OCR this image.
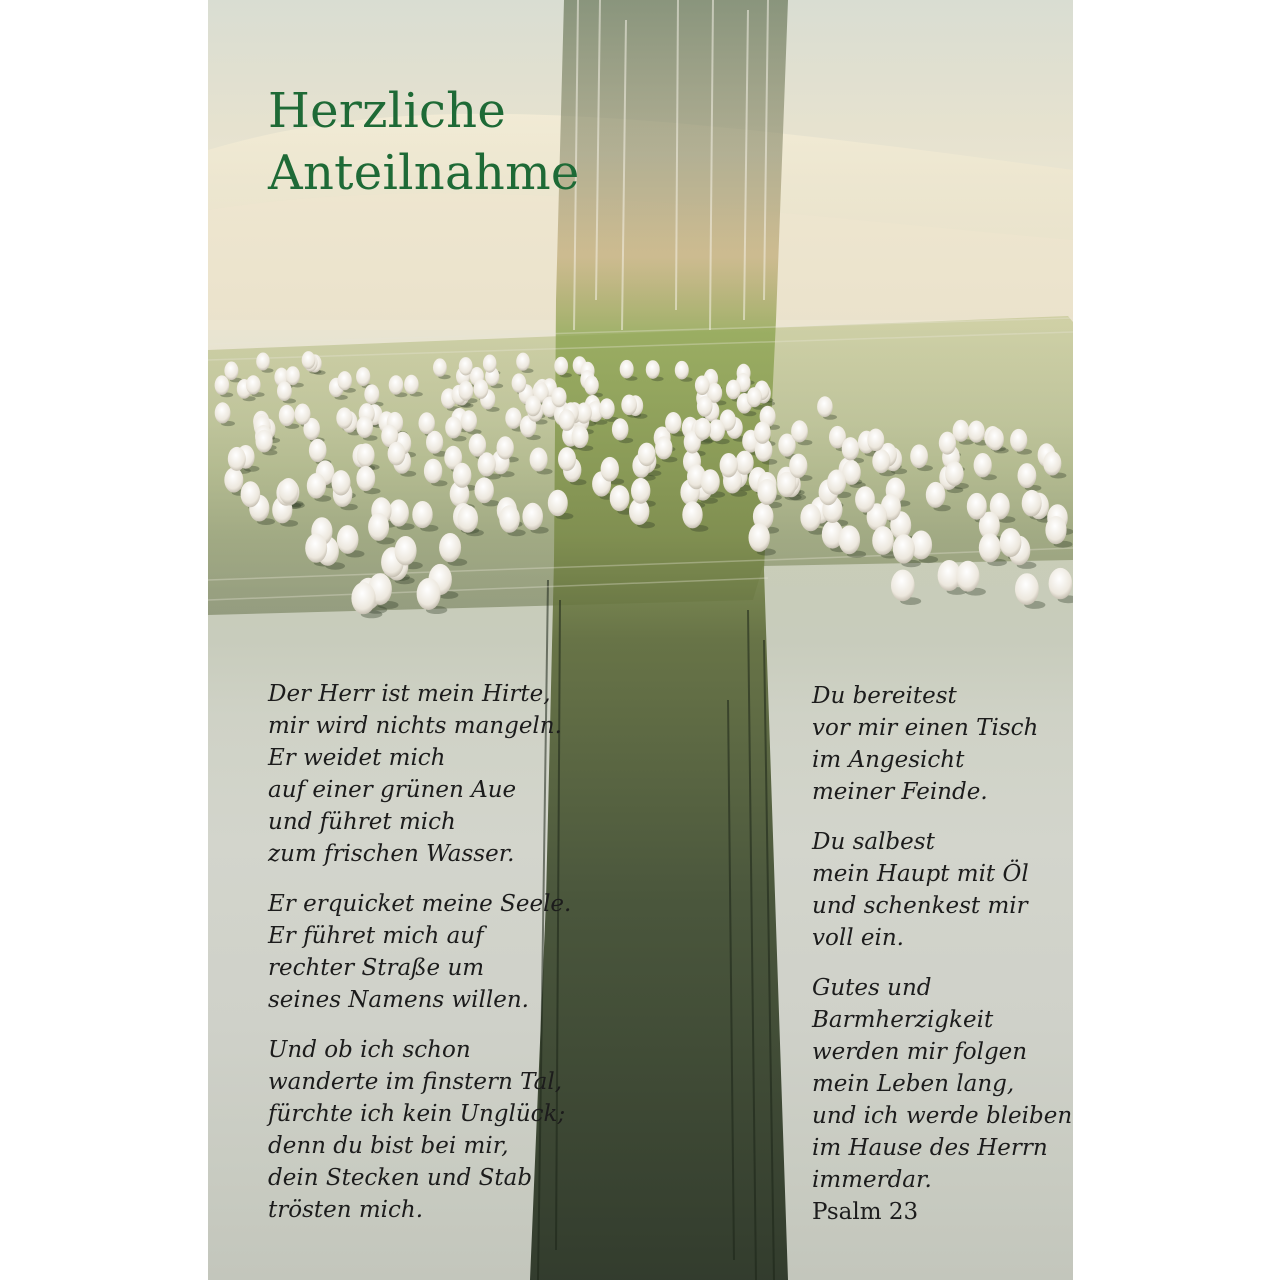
Herzliche
Anteilnahme

Der Herr ist mein Hirte,
mir wird nichts mangeln.
Er weidet mich
auf einer grünen Aue
und führet mich
zum frischen Wasser.

Er erquicket meine Seele.
Er führet mich auf
rechter Straße um
seines Namens willen.

Und ob ich schon
wanderte im finstern Tal,
fürchte ich kein Unglück;
denn du bist bei mir,
dein Stecken und Stab
trösten mich.

Du bereitest
vor mir einen Tisch
im Angesicht
meiner Feinde.

Du salbest
mein Haupt mit Öl
und schenkest mir
voll ein.

Gutes und
Barmherzigkeit
werden mir folgen
mein Leben lang,
und ich werde bleiben
im Hause des Herrn
immerdar.
Psalm 23
